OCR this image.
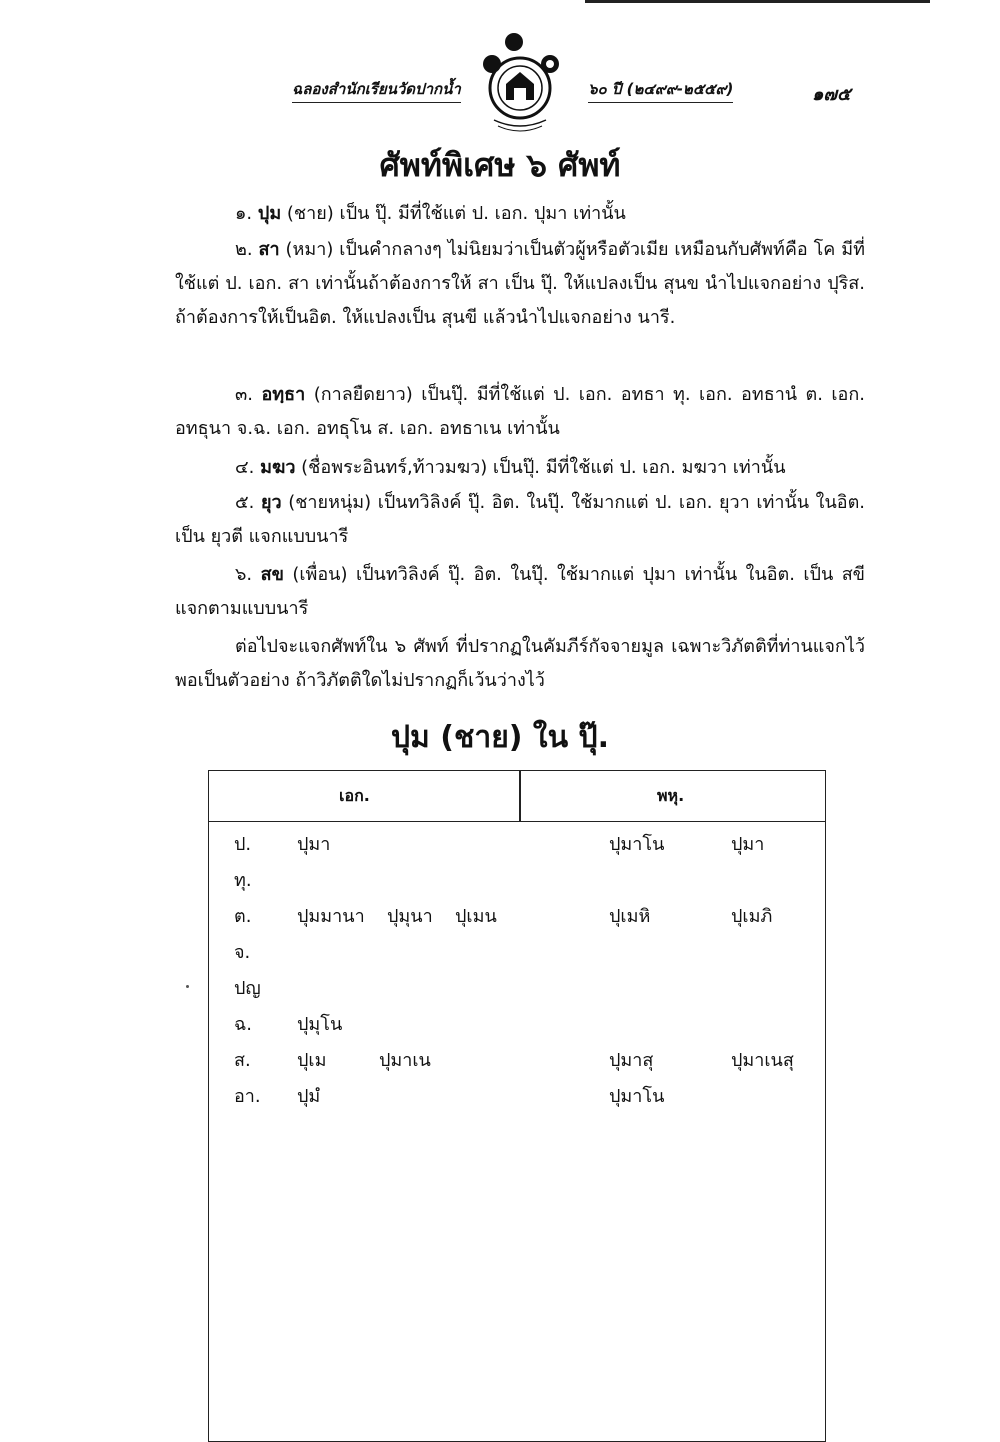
ฉลองสำนักเรียนวัดปากน้ำ	๖๐ ปี (๒๔๙๙-๒๕๕๙)	๑๗๕
ศัพท์พิเศษ ๖ ศัพท์
๑. ปุม (ชาย) เป็น ปุ๊. มีที่ใช้แต่ ป. เอก. ปุมา เท่านั้น
๒. สา (หมา) เป็นคำกลางๆ ไม่นิยมว่าเป็นตัวผู้หรือตัวเมีย เหมือนกับศัพท์คือ โค มีที่ใช้แต่ ป. เอก. สา เท่านั้นถ้าต้องการให้ สา เป็น ปุ๊. ให้แปลงเป็น สุนข นำไปแจกอย่าง ปุริส. ถ้าต้องการให้เป็นอิต. ให้แปลงเป็น สุนขี แล้วนำไปแจกอย่าง นารี.
๓. อทฺธา (กาลยืดยาว) เป็นปุ๊. มีที่ใช้แต่ ป. เอก. อทธา ทุ. เอก. อทธานํ ต. เอก. อทธุนา จ.ฉ. เอก. อทธุโน ส. เอก. อทธาเน เท่านั้น
๔. มฆว (ชื่อพระอินทร์,ท้าวมฆว) เป็นปุ๊. มีที่ใช้แต่ ป. เอก. มฆวา เท่านั้น
๕. ยุว (ชายหนุ่ม) เป็นทวิลิงค์ ปุ๊. อิต. ในปุ๊. ใช้มากแต่ ป. เอก. ยุวา เท่านั้น ในอิต. เป็น ยุวตี แจกแบบนารี
๖. สข (เพื่อน) เป็นทวิลิงค์ ปุ๊. อิต. ในปุ๊. ใช้มากแต่ ปุมา เท่านั้น ในอิต. เป็น สขี แจกตามแบบนารี
ต่อไปจะแจกศัพท์ใน ๖ ศัพท์ ที่ปรากฏในคัมภีร์กัจจายมูล เฉพาะวิภัตติที่ท่านแจกไว้พอเป็นตัวอย่าง ถ้าวิภัตติใดไม่ปรากฏก็เว้นว่างไว้
ปุม (ชาย) ใน ปุ๊.
เอก.	พหุ.
ป.	ปุมา	ปุมาโน	ปุมา
ทุ.
ต.	ปุมมานา ปุมุนา ปุเมน	ปุเมหิ	ปุเมภิ
จ.
ปญ
ฉ.	ปุมุโน
ส.	ปุเม	ปุมาเน	ปุมาสุ	ปุมาเนสุ
อา. ปุมํ	ปุมาโน
